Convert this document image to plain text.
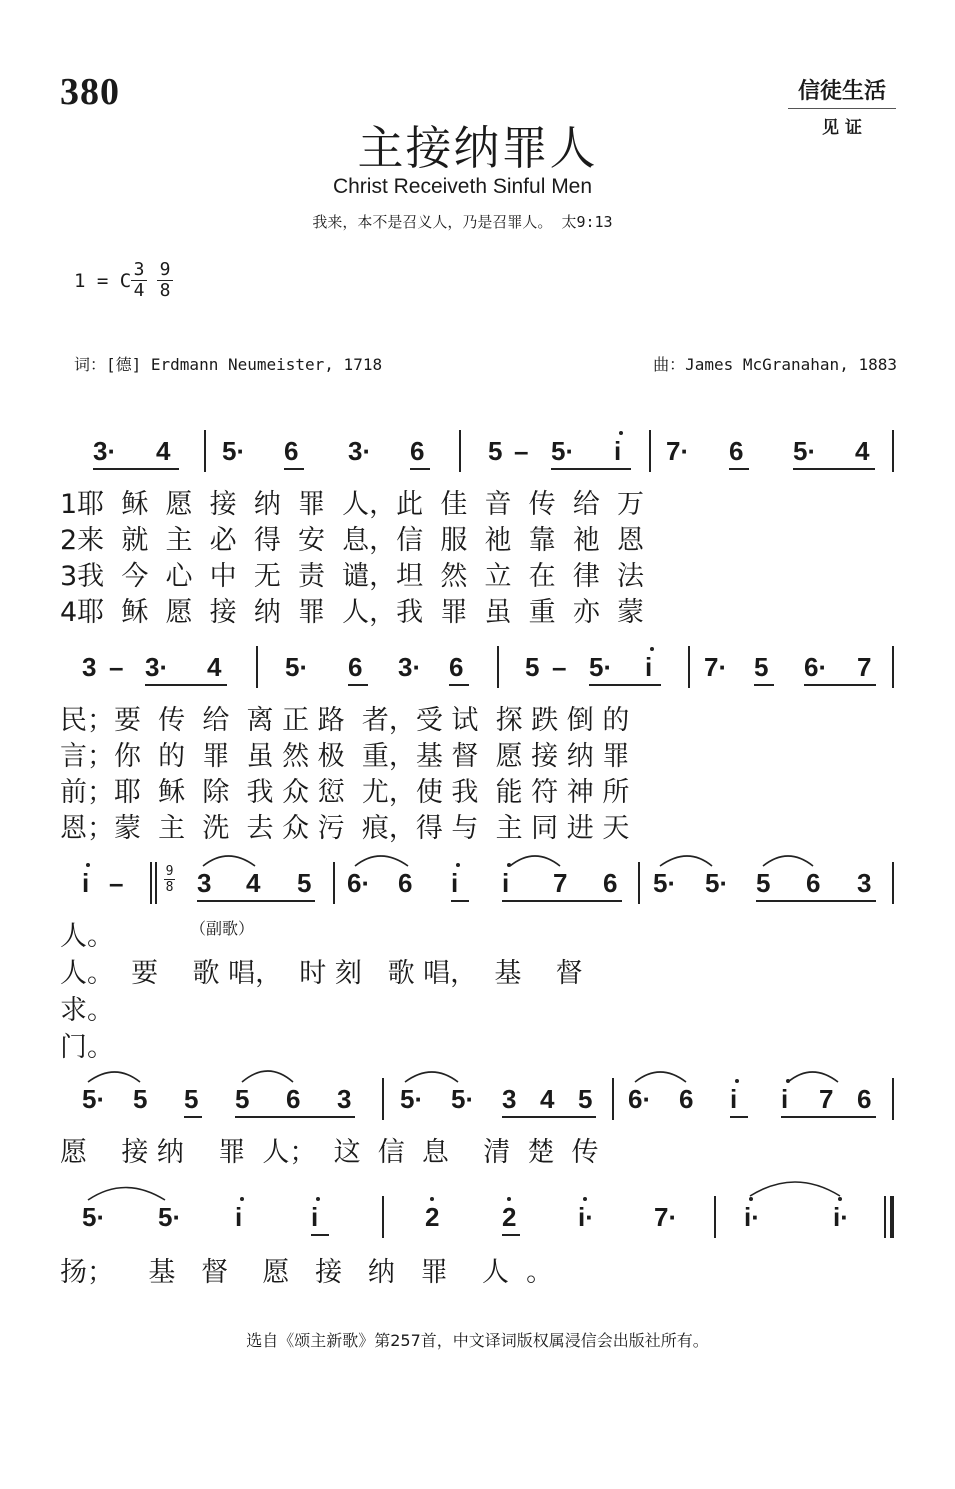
380	信徒生活
见 证
主接纳罪人
Christ Receiveth Sinful Men
我来，本不是召义人，乃是召罪人。 太9:13
1 = C $\frac{3}{4} \frac{9}{8}$
词：[德] Erdmann Neumeister, 1718	曲：James McGranahan, 1883
3· 4 5· 6 3· 6 5 – 5· i 7· 6 5· 4
1耶  稣  愿  接  纳  罪  人，此  佳  音  传  给  万
2来  就  主  必  得  安  息，信  服  祂  靠  祂  恩
3我  今  心  中  无  责  谴，坦  然  立  在  律  法
4耶  稣  愿  接  纳  罪  人，我  罪  虽  重  亦  蒙
3 – 3· 4 5· 6 3· 6 5 – 5· i 7· 5 6· 7
民；要  传  给  离 正 路  者，受 试  探 跌 倒 的
言；你  的  罪  虽 然 极  重，基 督  愿 接 纳 罪
前；耶  稣  除  我 众 愆  尤，使 我  能 符 神 所
恩；蒙  主  洗  去 众 污  痕，得 与  主 同 进 天
i –	$\frac{9}{8} 3$ 4 5 6· 6 i i 7 6 5· 5· 5 6 3
（副歌）
人。
人。  要    歌 唱，  时 刻   歌 唱，  基    督
求。
门。
5· 5 5 5 6 3 5· 5· 3 4 5 6· 6 i i 7 6
愿    接 纳    罪  人；  这  信  息    清  楚  传
5· 5· i	i	2 2 i· 7·	i·	i·
扬；    基   督    愿   接   纳   罪    人  。
选自《颂主新歌》第257首，中文译词版权属浸信会出版社所有。
